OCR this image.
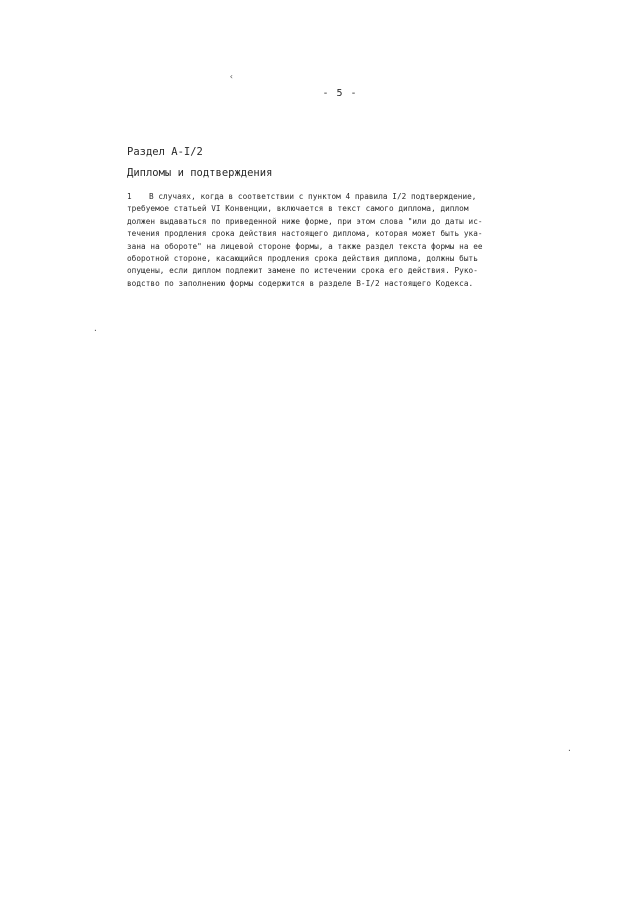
‹
.
.
- 5 -
Раздел A-I/2
Дипломы и подтверждения
1 В случаях, когда в соответствии с пунктом 4 правила I/2 подтверждение,
требуемое статьей VI Конвенции, включается в текст самого диплома, диплом
должен выдаваться по приведенной ниже форме, при этом слова "или до даты ис-
течения продления срока действия настоящего диплома, которая может быть ука-
зана на обороте" на лицевой стороне формы, а также раздел текста формы на ее
оборотной стороне, касающийся продления срока действия диплома, должны быть
опущены, если диплом подлежит замене по истечении срока его действия. Руко-
водство по заполнению формы содержится в разделе B-I/2 настоящего Кодекса.
